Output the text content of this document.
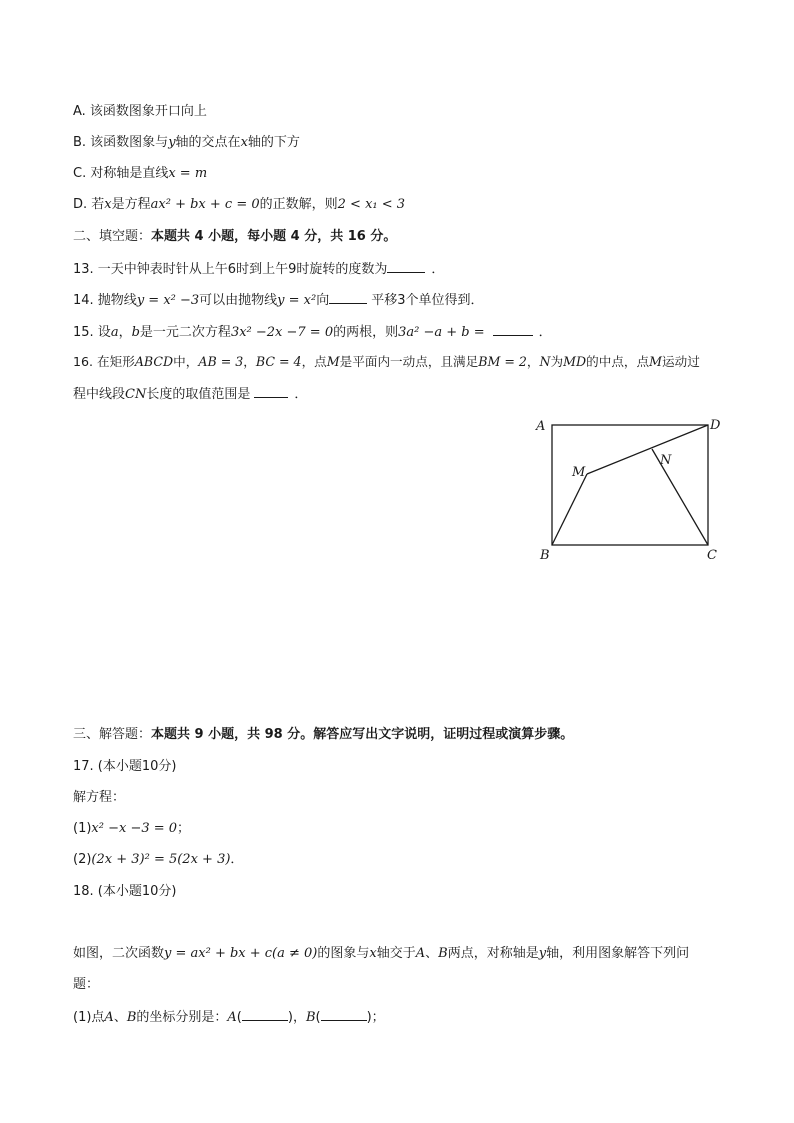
A. 该函数图象开口向上
B. 该函数图象与y轴的交点在x轴的下方
C. 对称轴是直线x = m
D. 若x是方程ax² + bx + c = 0的正数解，则2 < x₁ < 3
二、填空题：本题共 4 小题，每小题 4 分，共 16 分。
13. 一天中钟表时针从上午6时到上午9时旋转的度数为	．
14. 抛物线y = x² −3可以由抛物线y = x²向	平移3个单位得到．
15. 设a，b是一元二次方程3x² −2x −7 = 0的两根，则3a² −a + b =	．
16. 在矩形ABCD中，AB = 3，BC = 4，点M是平面内一动点，且满足BM = 2，N为MD的中点，点M运动过
程中线段CN长度的取值范围是	．
A	D
B	C
M
N
三、解答题：本题共 9 小题，共 98 分。解答应写出文字说明，证明过程或演算步骤。
17. (本小题10分)
解方程：
(1)x² −x −3 = 0；
(2)(2x + 3)² = 5(2x + 3)．
18. (本小题10分)
如图，二次函数y = ax² + bx + c(a ≠ 0)的图象与x轴交于A、B两点，对称轴是y轴，利用图象解答下列问
题：
(1)点A、B的坐标分别是：A(	)，B(	)；
